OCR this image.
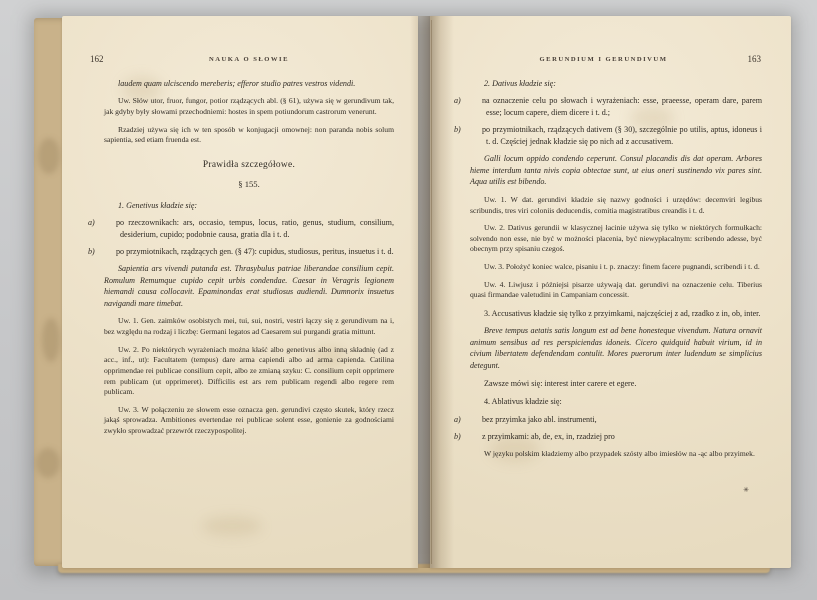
NAUKA O SŁOWIE
162

laudem quam ulciscendo mereberis; efferor studio patres vestros videndi.

Uw. Słów utor, fruor, fungor, potior rządzących abl. (§ 61), używa się w gerundivum tak, jak gdyby były słowami przechodniemi: hostes in spem potiundorum castrorum venerunt.

Rzadziej używa się ich w ten sposób w konjugacji omownej: non paranda nobis solum sapientia, sed etiam fruenda est.

Prawidła szczegółowe.

§ 155.

1. Genetivus kładzie się:

a)	po rzeczownikach: ars, occasio, tempus, locus, ratio, genus, studium, consilium, desiderium, cupido; podobnie causa, gratia dla i t. d.

b)	po przymiotnikach, rządzących gen. (§ 47): cupidus, studiosus, peritus, insuetus i t. d.

Sapientia ars vivendi putanda est. Thrasybulus patriae liberandae consilium cepit. Romulum Remumque cupido cepit urbis condendae. Caesar in Veragris legionem hiemandi causa collocavit. Epaminondas erat studiosus audiendi. Dumnorix insuetus navigandi mare timebat.

Uw. 1. Gen. zaimków osobistych mei, tui, sui, nostri, vestri łączy się z gerundivum na i, bez względu na rodzaj i liczbę: Germani legatos ad Caesarem sui purgandi gratia mittunt.

Uw. 2. Po niektórych wyrażeniach można kłaść albo genetivus albo inną składnię (ad z acc., inf., ut): Facultatem (tempus) dare arma capiendi albo ad arma capienda. Catilina opprimendae rei publicae consilium cepit, albo ze zmianą szyku: C. consilium cepit opprimere rem publicam (ut opprimeret). Difficilis est ars rem publicam regendi albo regere rem publicam.

Uw. 3. W połączeniu ze słowem esse oznacza gen. gerundivi często skutek, który rzecz jakąś sprowadza. Ambitiones evertendae rei publicae solent esse, gonienie za godnościami zwykło sprowadzać przewrót rzeczypospolitej.

GERUNDIUM I GERUNDIVUM	163

2. Dativus kładzie się:

a)	na oznaczenie celu po słowach i wyrażeniach: esse, praeesse, operam dare, parem esse; locum capere, diem dicere i t. d.;

b)	po przymiotnikach, rządzących dativem (§ 30), szczególnie po utilis, aptus, idoneus i t. d. Częściej jednak kładzie się po nich ad z accusativem.

Galli locum oppido condendo ceperunt. Consul placandis dis dat operam. Arbores hieme interdum tanta nivis copia obtectae sunt, ut eius oneri sustinendo vix pares sint. Aqua utilis est bibendo.

Uw. 1. W dat. gerundivi kładzie się nazwy godności i urzędów: decemviri legibus scribundis, tres viri coloniis deducendis, comitia magistratibus creandis i t. d.

Uw. 2. Dativus gerundii w klasycznej łacinie używa się tylko w niektórych formułkach: solvendo non esse, nie być w możności płacenia, być niewypłacalnym: scribendo adesse, być obecnym przy spisaniu czegoś.

Uw. 3. Położyć koniec walce, pisaniu i t. p. znaczy: finem facere pugnandi, scribendi i t. d.

Uw. 4. Liwjusz i późniejsi pisarze używają dat. gerundivi na oznaczenie celu. Tiberius quasi firmandae valetudini in Campaniam concessit.

3. Accusativus kładzie się tylko z przyimkami, najczęściej z ad, rzadko z in, ob, inter.

Breve tempus aetatis satis longum est ad bene honesteque vivendum. Natura ornavit animum sensibus ad res perspiciendas idoneis. Cicero quidquid habuit virium, id in civium libertatem defendendam contulit. Mores puerorum inter ludendum se simplicius detegunt.

Zawsze mówi się: interest inter carere et egere.

4. Ablativus kładzie się:

a)	bez przyimka jako abl. instrumenti,

b)	z przyimkami: ab, de, ex, in, rzadziej pro

W języku polskim kładziemy albo przypadek szósty albo imiesłów na -ąc albo przyimek.

✳
